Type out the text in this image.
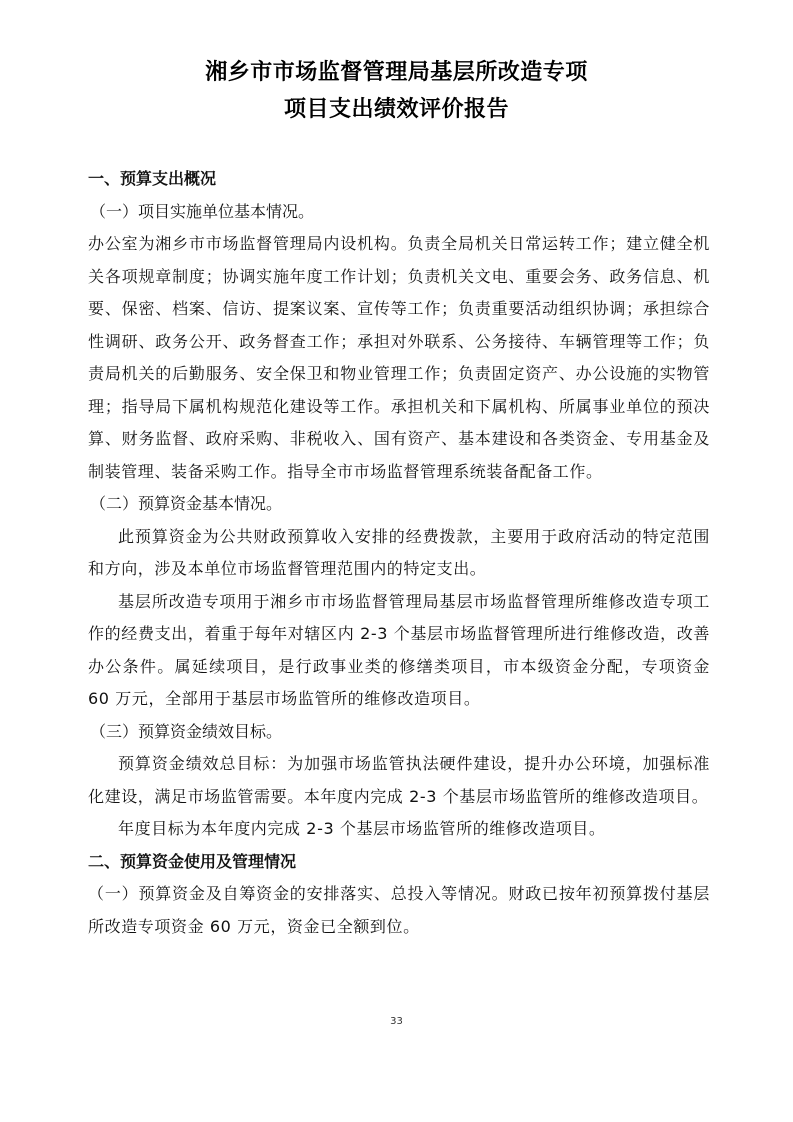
湘乡市市场监督管理局基层所改造专项
项目支出绩效评价报告

一、预算支出概况

（一）项目实施单位基本情况。

办公室为湘乡市市场监督管理局内设机构。负责全局机关日常运转工作；建立健全机关各项规章制度；协调实施年度工作计划；负责机关文电、重要会务、政务信息、机要、保密、档案、信访、提案议案、宣传等工作；负责重要活动组织协调；承担综合性调研、政务公开、政务督查工作；承担对外联系、公务接待、车辆管理等工作；负责局机关的后勤服务、安全保卫和物业管理工作；负责固定资产、办公设施的实物管理；指导局下属机构规范化建设等工作。承担机关和下属机构、所属事业单位的预决算、财务监督、政府采购、非税收入、国有资产、基本建设和各类资金、专用基金及制装管理、装备采购工作。指导全市市场监督管理系统装备配备工作。

（二）预算资金基本情况。

此预算资金为公共财政预算收入安排的经费拨款，主要用于政府活动的特定范围和方向，涉及本单位市场监督管理范围内的特定支出。

基层所改造专项用于湘乡市市场监督管理局基层市场监督管理所维修改造专项工作的经费支出，着重于每年对辖区内 2-3 个基层市场监督管理所进行维修改造，改善办公条件。属延续项目，是行政事业类的修缮类项目，市本级资金分配，专项资金 60 万元，全部用于基层市场监管所的维修改造项目。

（三）预算资金绩效目标。

预算资金绩效总目标：为加强市场监管执法硬件建设，提升办公环境，加强标准化建设，满足市场监管需要。本年度内完成 2-3 个基层市场监管所的维修改造项目。

年度目标为本年度内完成 2-3 个基层市场监管所的维修改造项目。

二、预算资金使用及管理情况

（一）预算资金及自筹资金的安排落实、总投入等情况。财政已按年初预算拨付基层所改造专项资金 60 万元，资金已全额到位。

33
